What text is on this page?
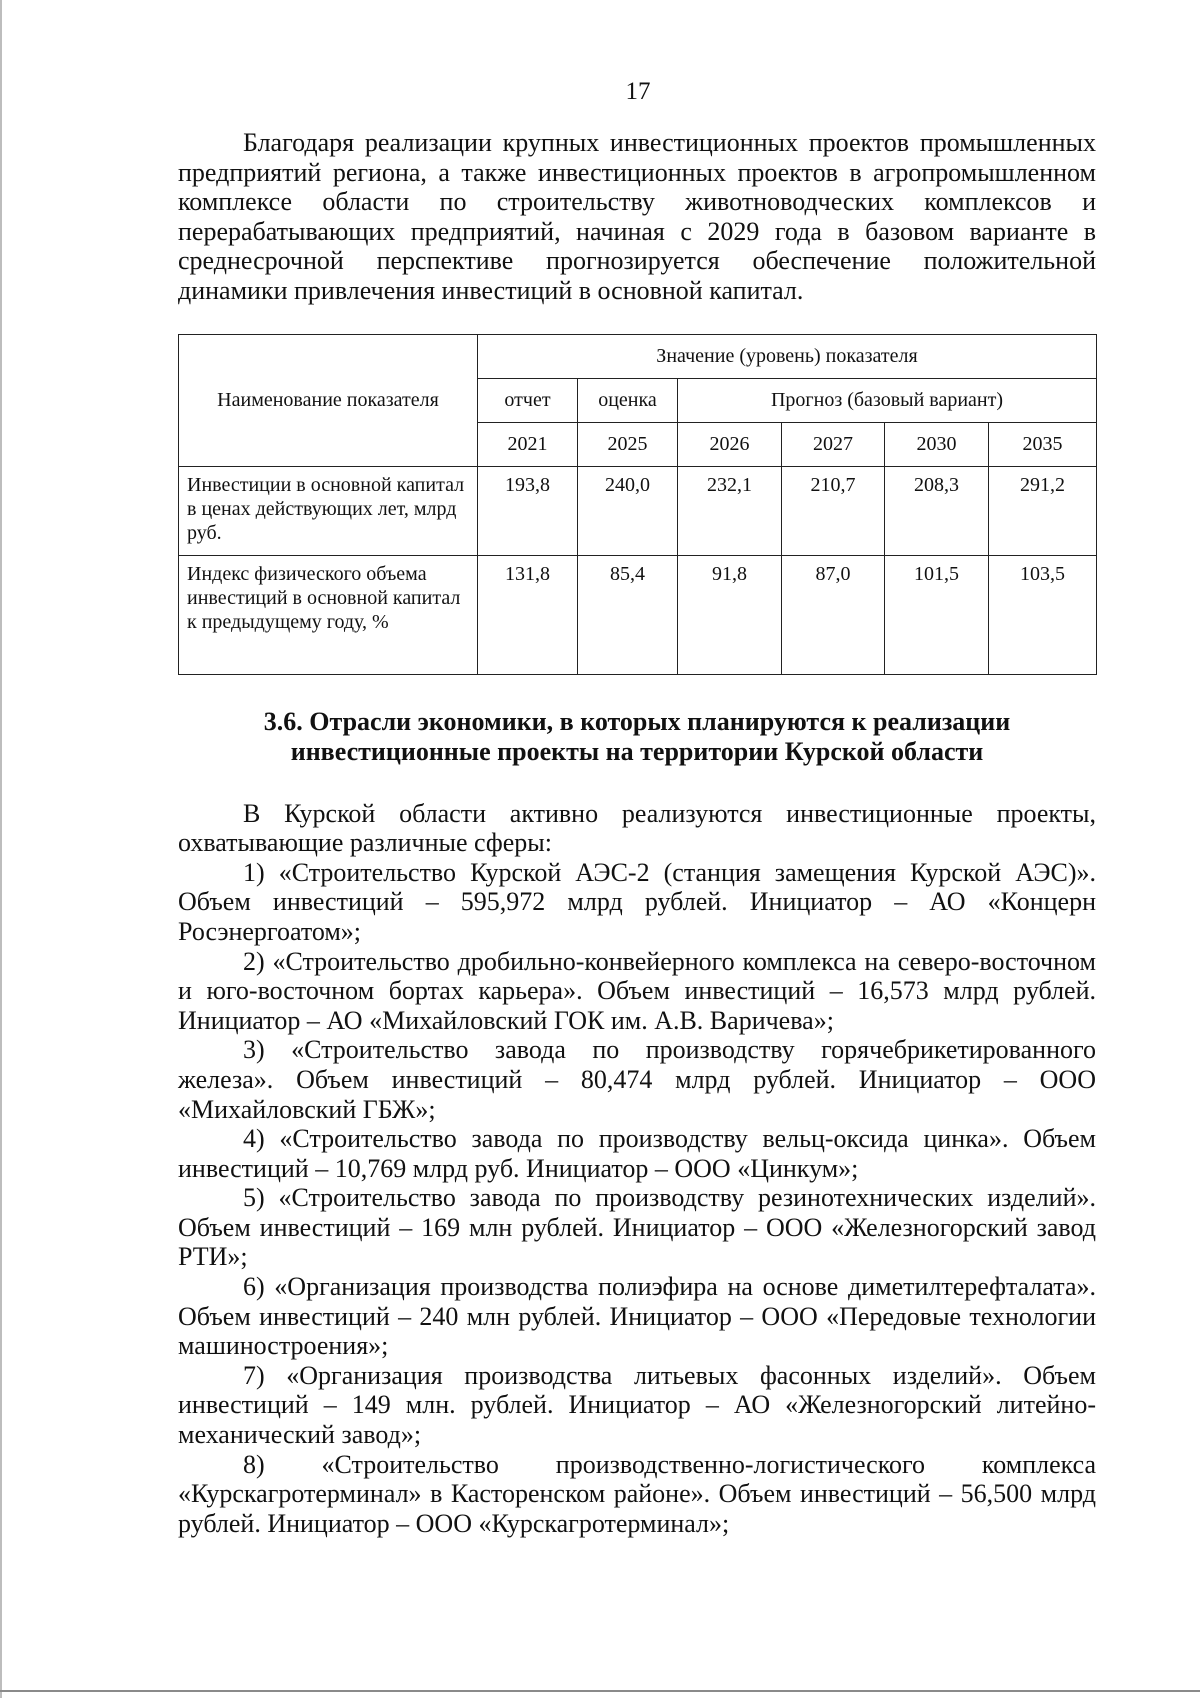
17

Благодаря реализации крупных инвестиционных проектов промышленных предприятий региона, а также инвестиционных проектов в агропромышленном комплексе области по строительству животноводческих комплексов и перерабатывающих предприятий, начиная с 2029 года в базовом варианте в среднесрочной перспективе прогнозируется обеспечение положительной динамики привлечения инвестиций в основной капитал.

Наименование показателя	Значение (уровень) показателя					
	отчет	оценка	Прогноз (базовый вариант)			
	2021	2025	2026	2027	2030	2035
Инвестиции в основной капитал в ценах действующих лет, млрд руб.	193,8	240,0	232,1	210,7	208,3	291,2
Индекс физического объема инвестиций в основной капитал к предыдущему году, %	131,8	85,4	91,8	87,0	101,5	103,5
3.6. Отрасли экономики, в которых планируются к реализации
инвестиционные проекты на территории Курской области

В Курской области активно реализуются инвестиционные проекты, охватывающие различные сферы:

1) «Строительство Курской АЭС-2 (станция замещения Курской АЭС)». Объем инвестиций – 595,972 млрд рублей. Инициатор – АО «Концерн Росэнергоатом»;

2) «Строительство дробильно-конвейерного комплекса на северо-восточном и юго-восточном бортах карьера». Объем инвестиций – 16,573 млрд рублей. Инициатор – АО «Михайловский ГОК им. А.В. Варичева»;

3) «Строительство завода по производству горячебрикетированного железа». Объем инвестиций – 80,474 млрд рублей. Инициатор – ООО «Михайловский ГБЖ»;

4) «Строительство завода по производству вельц-оксида цинка». Объем инвестиций – 10,769 млрд руб. Инициатор – ООО «Цинкум»;

5) «Строительство завода по производству резинотехнических изделий». Объем инвестиций – 169 млн рублей. Инициатор – ООО «Железногорский завод РТИ»;

6) «Организация производства полиэфира на основе диметилтерефталата». Объем инвестиций – 240 млн рублей. Инициатор – ООО «Передовые технологии машиностроения»;

7) «Организация производства литьевых фасонных изделий». Объем инвестиций – 149 млн. рублей. Инициатор – АО «Железногорский литейно-механический завод»;

8) «Строительство производственно-логистического комплекса «Курскагротерминал» в Касторенском районе». Объем инвестиций – 56,500 млрд рублей. Инициатор – ООО «Курскагротерминал»;
